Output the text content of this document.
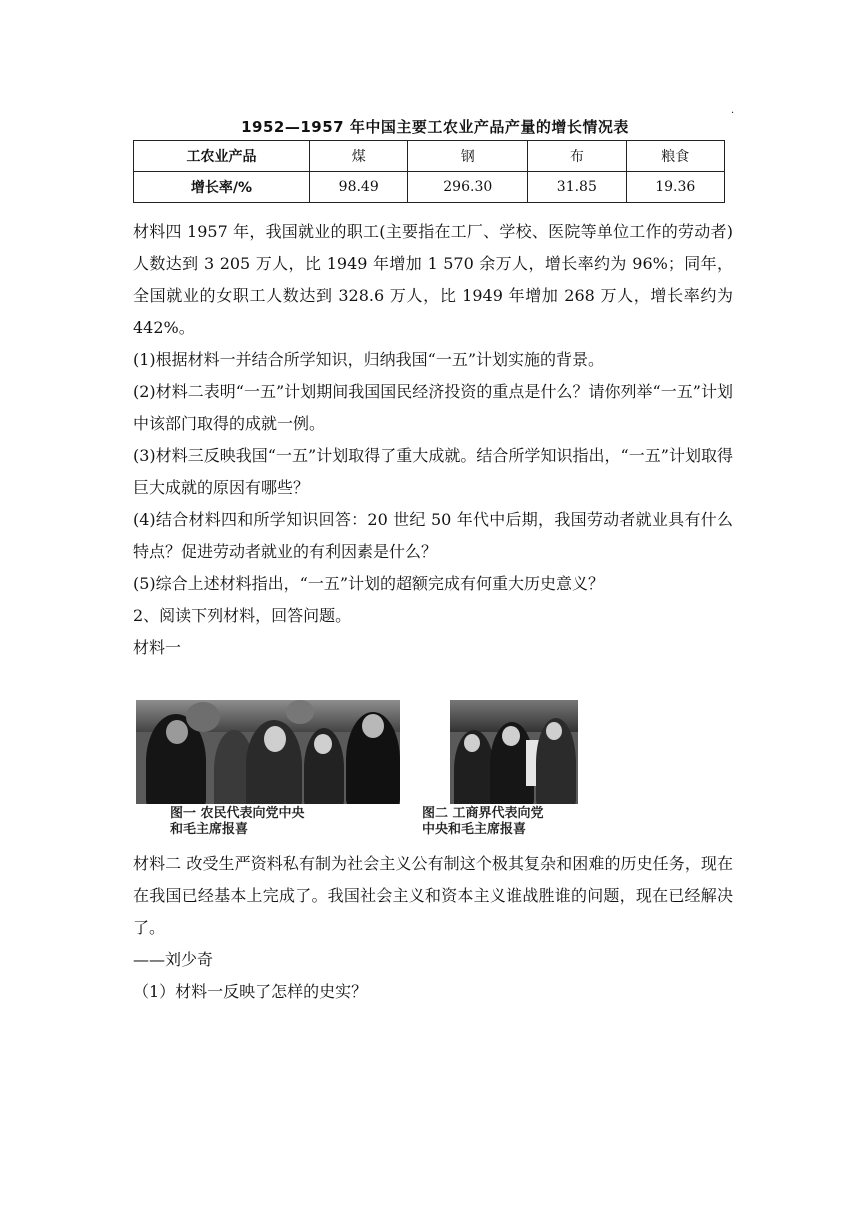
1952—1957 年中国主要工农业产品产量的增长情况表
·
工农业产品	煤	钢	布	粮食
增长率/%	98.49	296.30	31.85	19.36

材料四 1957 年，我国就业的职工(主要指在工厂、学校、医院等单位工作的劳动者)人数达到 3 205 万人，比 1949 年增加 1 570 余万人，增长率约为 96%；同年，全国就业的女职工人数达到 328.6 万人，比 1949 年增加 268 万人，增长率约为 442%。

(1)根据材料一并结合所学知识，归纳我国“一五”计划实施的背景。

(2)材料二表明“一五”计划期间我国国民经济投资的重点是什么？请你列举“一五”计划中该部门取得的成就一例。

(3)材料三反映我国“一五”计划取得了重大成就。结合所学知识指出，“一五”计划取得巨大成就的原因有哪些？

(4)结合材料四和所学知识回答：20 世纪 50 年代中后期，我国劳动者就业具有什么特点？促进劳动者就业的有利因素是什么？

(5)综合上述材料指出，“一五”计划的超额完成有何重大历史意义？

2、阅读下列材料，回答问题。

材料一

图一 农民代表向党中央
和毛主席报喜
图二 工商界代表向党
中央和毛主席报喜

材料二 改受生严资料私有制为社会主义公有制这个极其复杂和困难的历史任务，现在在我国已经基本上完成了。我国社会主义和资本主义谁战胜谁的问题，现在已经解决了。

——刘少奇

（1）材料一反映了怎样的史实？
